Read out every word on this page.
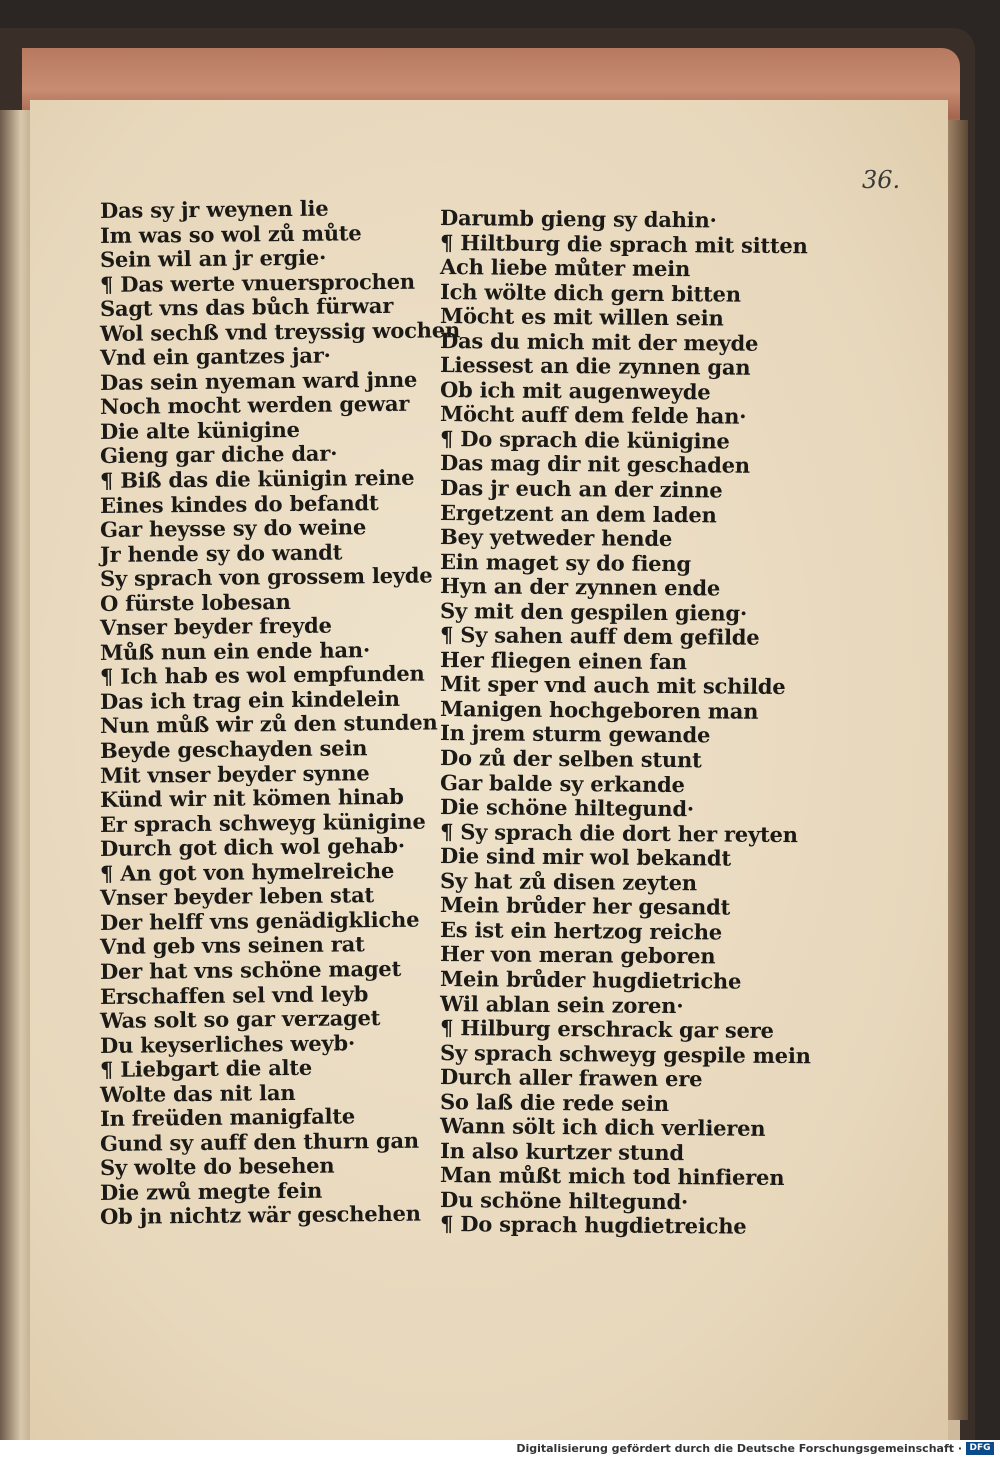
36.
Das sy jr weynen lie
Im was so wol zů můte
Sein wil an jr ergie·
¶ Das werte vnuersprochen
Sagt vns das bůch fürwar
Wol sechß vnd treyssig wochen
Vnd ein gantzes jar·
Das sein nyeman ward jnne
Noch mocht werden gewar
Die alte künigine
Gieng gar diche dar·
¶ Biß das die künigin reine
Eines kindes do befandt
Gar heysse sy do weine
Jr hende sy do wandt
Sy sprach von grossem leyde
O fürste lobesan
Vnser beyder freyde
Můß nun ein ende han·
¶ Ich hab es wol empfunden
Das ich trag ein kindelein
Nun můß wir zů den stunden
Beyde geschayden sein
Mit vnser beyder synne
Künd wir nit kömen hinab
Er sprach schweyg künigine
Durch got dich wol gehab·
¶ An got von hymelreiche
Vnser beyder leben stat
Der helff vns genädigkliche
Vnd geb vns seinen rat
Der hat vns schöne maget
Erschaffen sel vnd leyb
Was solt so gar verzaget
Du keyserliches weyb·
¶ Liebgart die alte
Wolte das nit lan
In freüden manigfalte
Gund sy auff den thurn gan
Sy wolte do besehen
Die zwů megte fein
Ob jn nichtz wär geschehen
Darumb gieng sy dahin·
¶ Hiltburg die sprach mit sitten
Ach liebe můter mein
Ich wölte dich gern bitten
Möcht es mit willen sein
Das du mich mit der meyde
Liessest an die zynnen gan
Ob ich mit augenweyde
Möcht auff dem felde han·
¶ Do sprach die künigine
Das mag dir nit geschaden
Das jr euch an der zinne
Ergetzent an dem laden
Bey yetweder hende
Ein maget sy do fieng
Hyn an der zynnen ende
Sy mit den gespilen gieng·
¶ Sy sahen auff dem gefilde
Her fliegen einen fan
Mit sper vnd auch mit schilde
Manigen hochgeboren man
In jrem sturm gewande
Do zů der selben stunt
Gar balde sy erkande
Die schöne hiltegund·
¶ Sy sprach die dort her reyten
Die sind mir wol bekandt
Sy hat zů disen zeyten
Mein brůder her gesandt
Es ist ein hertzog reiche
Her von meran geboren
Mein brůder hugdietriche
Wil ablan sein zoren·
¶ Hilburg erschrack gar sere
Sy sprach schweyg gespile mein
Durch aller frawen ere
So laß die rede sein
Wann sölt ich dich verlieren
In also kurtzer stund
Man můßt mich tod hinfieren
Du schöne hiltegund·
¶ Do sprach hugdietreiche
Digitalisierung gefördert durch die Deutsche Forschungsgemeinschaft · DFG
